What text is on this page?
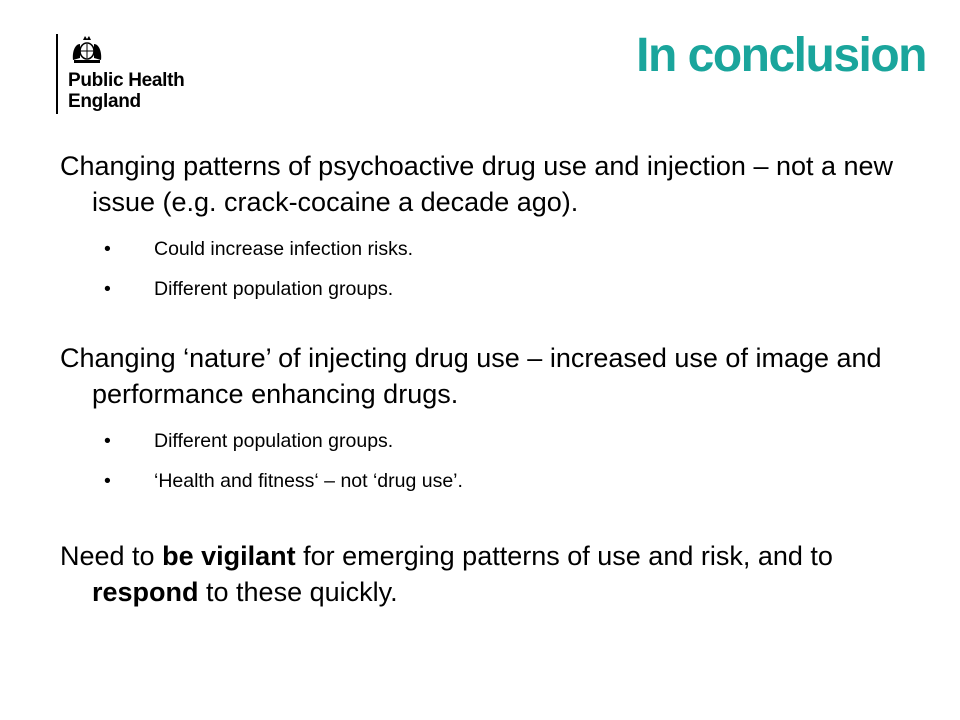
Public Health
England
In conclusion

Changing patterns of psychoactive drug use and injection – not a new issue (e.g. crack-cocaine a decade ago).

• Could increase infection risks.
• Different population groups.

Changing ‘nature’ of injecting drug use – increased use of image and performance enhancing drugs.

• Different population groups.
• ‘Health and fitness‘ – not ‘drug use’.

Need to be vigilant for emerging patterns of use and risk, and to respond to these quickly.
